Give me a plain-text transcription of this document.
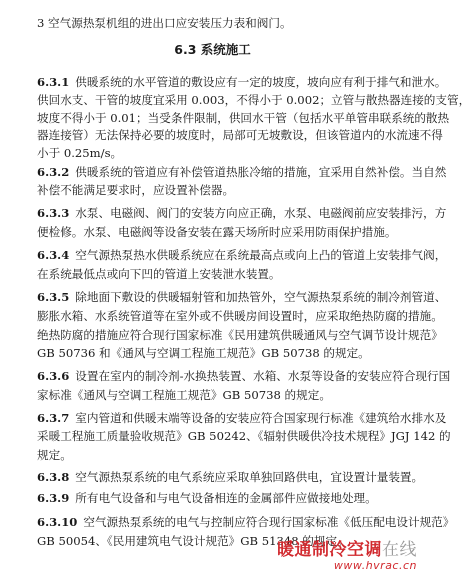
3 空气源热泵机组的进出口应安装压力表和阀门。
6.3 系统施工
6.3.1 供暖系统的水平管道的敷设应有一定的坡度，坡向应有利于排气和泄水。
供回水支、干管的坡度宜采用 0.003，不得小于 0.002；立管与散热器连接的支管，
坡度不得小于 0.01；当受条件限制，供回水干管（包括水平单管串联系统的散热
器连接管）无法保持必要的坡度时，局部可无坡敷设，但该管道内的水流速不得
小于 0.25m/s。
6.3.2 供暖系统的管道应有补偿管道热胀冷缩的措施，宜采用自然补偿。当自然
补偿不能满足要求时，应设置补偿器。
6.3.3 水泵、电磁阀、阀门的安装方向应正确，水泵、电磁阀前应安装排污，方
便检修。水泵、电磁阀等设备安装在露天场所时应采用防雨保护措施。
6.3.4 空气源热泵热水供暖系统应在系统最高点或向上凸的管道上安装排气阀，
在系统最低点或向下凹的管道上安装泄水装置。
6.3.5 除地面下敷设的供暖辐射管和加热管外，空气源热泵系统的制冷剂管道、
膨胀水箱、水系统管道等在室外或不供暖房间设置时，应采取绝热防腐的措施。
绝热防腐的措施应符合现行国家标准《民用建筑供暖通风与空气调节设计规范》
GB 50736 和《通风与空调工程施工规范》GB 50738 的规定。
6.3.6 设置在室内的制冷剂-水换热装置、水箱、水泵等设备的安装应符合现行国
家标准《通风与空调工程施工规范》GB 50738 的规定。
6.3.7 室内管道和供暖末端等设备的安装应符合国家现行标准《建筑给水排水及
采暖工程施工质量验收规范》GB 50242、《辐射供暖供冷技术规程》JGJ 142 的
规定。
6.3.8 空气源热泵系统的电气系统应采取单独回路供电，宜设置计量装置。
6.3.9 所有电气设备和与电气设备相连的金属部件应做接地处理。
6.3.10 空气源热泵系统的电气与控制应符合现行国家标准《低压配电设计规范》
GB 50054、《民用建筑电气设计规范》GB 51348 的规定。
暖通制冷空调在线
www.hvrac.cn
